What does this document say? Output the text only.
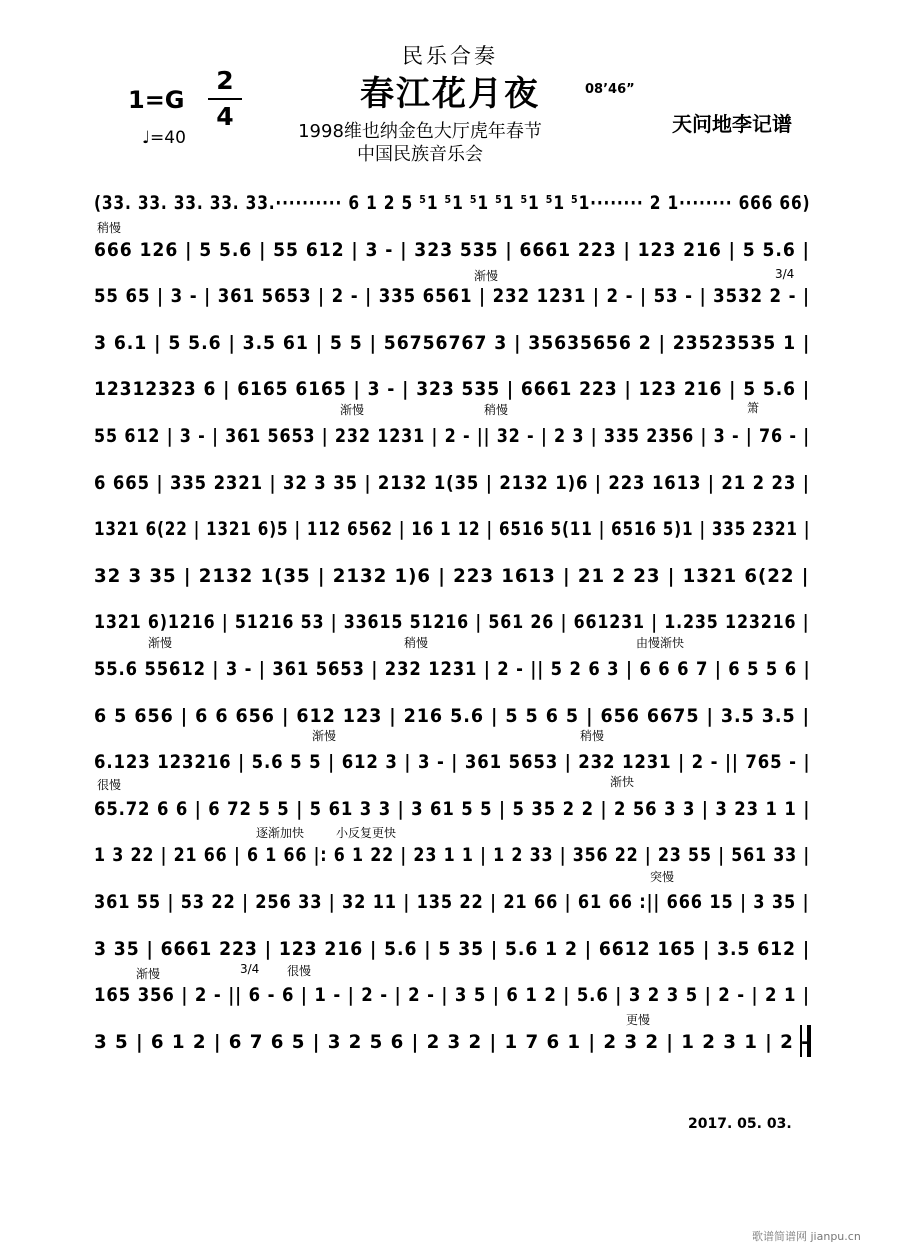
民乐合奏
春江花月夜
1=G
2
4
♩=40
08’46”
1998维也纳金色大厅虎年春节
中国民族音乐会
天问地李记谱
(33. 33. 33. 33. 33.·········· 6 1 2 5 ⁵1 ⁵1 ⁵1 ⁵1 ⁵1 ⁵1 ⁵1········ 2 1········ 666 66)
666 126 | 5 5.6 | 55 612 | 3 - | 323 535 | 6661 223 | 123 216 | 5 5.6 |
55 65 | 3 - | 361 5653 | 2 - | 335 6561 | 232 1231 | 2 - | 53 - | 3532 2 - |
3 6.1 | 5 5.6 | 3.5 61 | 5 5 | 56756767 3 | 35635656 2 | 23523535 1 |
12312323 6 | 6165 6165 | 3 - | 323 535 | 6661 223 | 123 216 | 5 5.6 |
55 612 | 3 - | 361 5653 | 232 1231 | 2 - || 32 - | 2 3 | 335 2356 | 3 - | 76 - |
6 665 | 335 2321 | 32 3 35 | 2132 1(35 | 2132 1)6 | 223 1613 | 21 2 23 |
1321 6(22 | 1321 6)5 | 112 6562 | 16 1 12 | 6516 5(11 | 6516 5)1 | 335 2321 |
32 3 35 | 2132 1(35 | 2132 1)6 | 223 1613 | 21 2 23 | 1321 6(22 |
1321 6)1216 | 51216 53 | 33615 51216 | 561 26 | 661231 | 1.235 123216 |
55.6 55612 | 3 - | 361 5653 | 232 1231 | 2 - || 5 2 6 3 | 6 6 6 7 | 6 5 5 6 |
6 5 656 | 6 6 656 | 612 123 | 216 5.6 | 5 5 6 5 | 656 6675 | 3.5 3.5 |
6.123 123216 | 5.6 5 5 | 612 3 | 3 - | 361 5653 | 232 1231 | 2 - || 765 - |
65.72 6 6 | 6 72 5 5 | 5 61 3 3 | 3 61 5 5 | 5 35 2 2 | 2 56 3 3 | 3 23 1 1 |
1 3 22 | 21 66 | 6 1 66 |: 6 1 22 | 23 1 1 | 1 2 33 | 356 22 | 23 55 | 561 33 |
361 55 | 53 22 | 256 33 | 32 11 | 135 22 | 21 66 | 61 66 :|| 666 15 | 3 35 |
3 35 | 6661 223 | 123 216 | 5.6 | 5 35 | 5.6 1 2 | 6612 165 | 3.5 612 |
165 356 | 2 - || 6 - 6 | 1 - | 2 - | 2 - | 3 5 | 6 1 2 | 5.6 | 3 2 3 5 | 2 - | 2 1 |
3 5 | 6 1 2 | 6 7 6 5 | 3 2 5 6 | 2 3 2 | 1 7 6 1 | 2 3 2 | 1 2 3 1 | 2 -
稍慢
渐慢	3/4
渐慢	稍慢	箫
渐慢	稍慢	由慢渐快
渐慢	稍慢
很慢	渐快
逐渐加快	小反复更快
突慢
渐慢	3/4 很慢
更慢
2017. 05. 03.
歌谱简谱网 jianpu.cn
